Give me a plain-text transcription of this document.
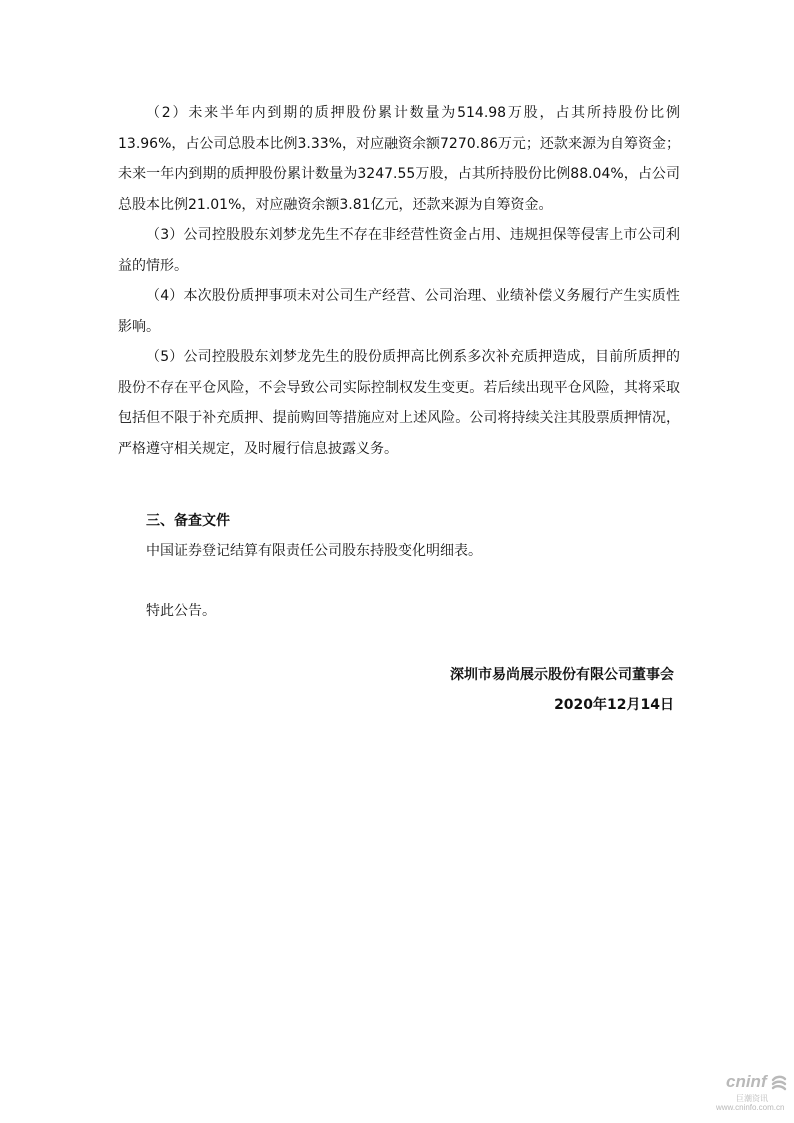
（2）未来半年内到期的质押股份累计数量为514.98万股，占其所持股份比例13.96%，占公司总股本比例3.33%，对应融资余额7270.86万元；还款来源为自筹资金；未来一年内到期的质押股份累计数量为3247.55万股，占其所持股份比例88.04%，占公司总股本比例21.01%，对应融资余额3.81亿元，还款来源为自筹资金。

（3）公司控股股东刘梦龙先生不存在非经营性资金占用、违规担保等侵害上市公司利益的情形。

（4）本次股份质押事项未对公司生产经营、公司治理、业绩补偿义务履行产生实质性影响。

（5）公司控股股东刘梦龙先生的股份质押高比例系多次补充质押造成，目前所质押的股份不存在平仓风险，不会导致公司实际控制权发生变更。若后续出现平仓风险，其将采取包括但不限于补充质押、提前购回等措施应对上述风险。公司将持续关注其股票质押情况，严格遵守相关规定，及时履行信息披露义务。

三、备查文件
中国证券登记结算有限责任公司股东持股变化明细表。
特此公告。
深圳市易尚展示股份有限公司董事会
2020年12月14日
cninf
巨潮资讯
www.cninfo.com.cn
